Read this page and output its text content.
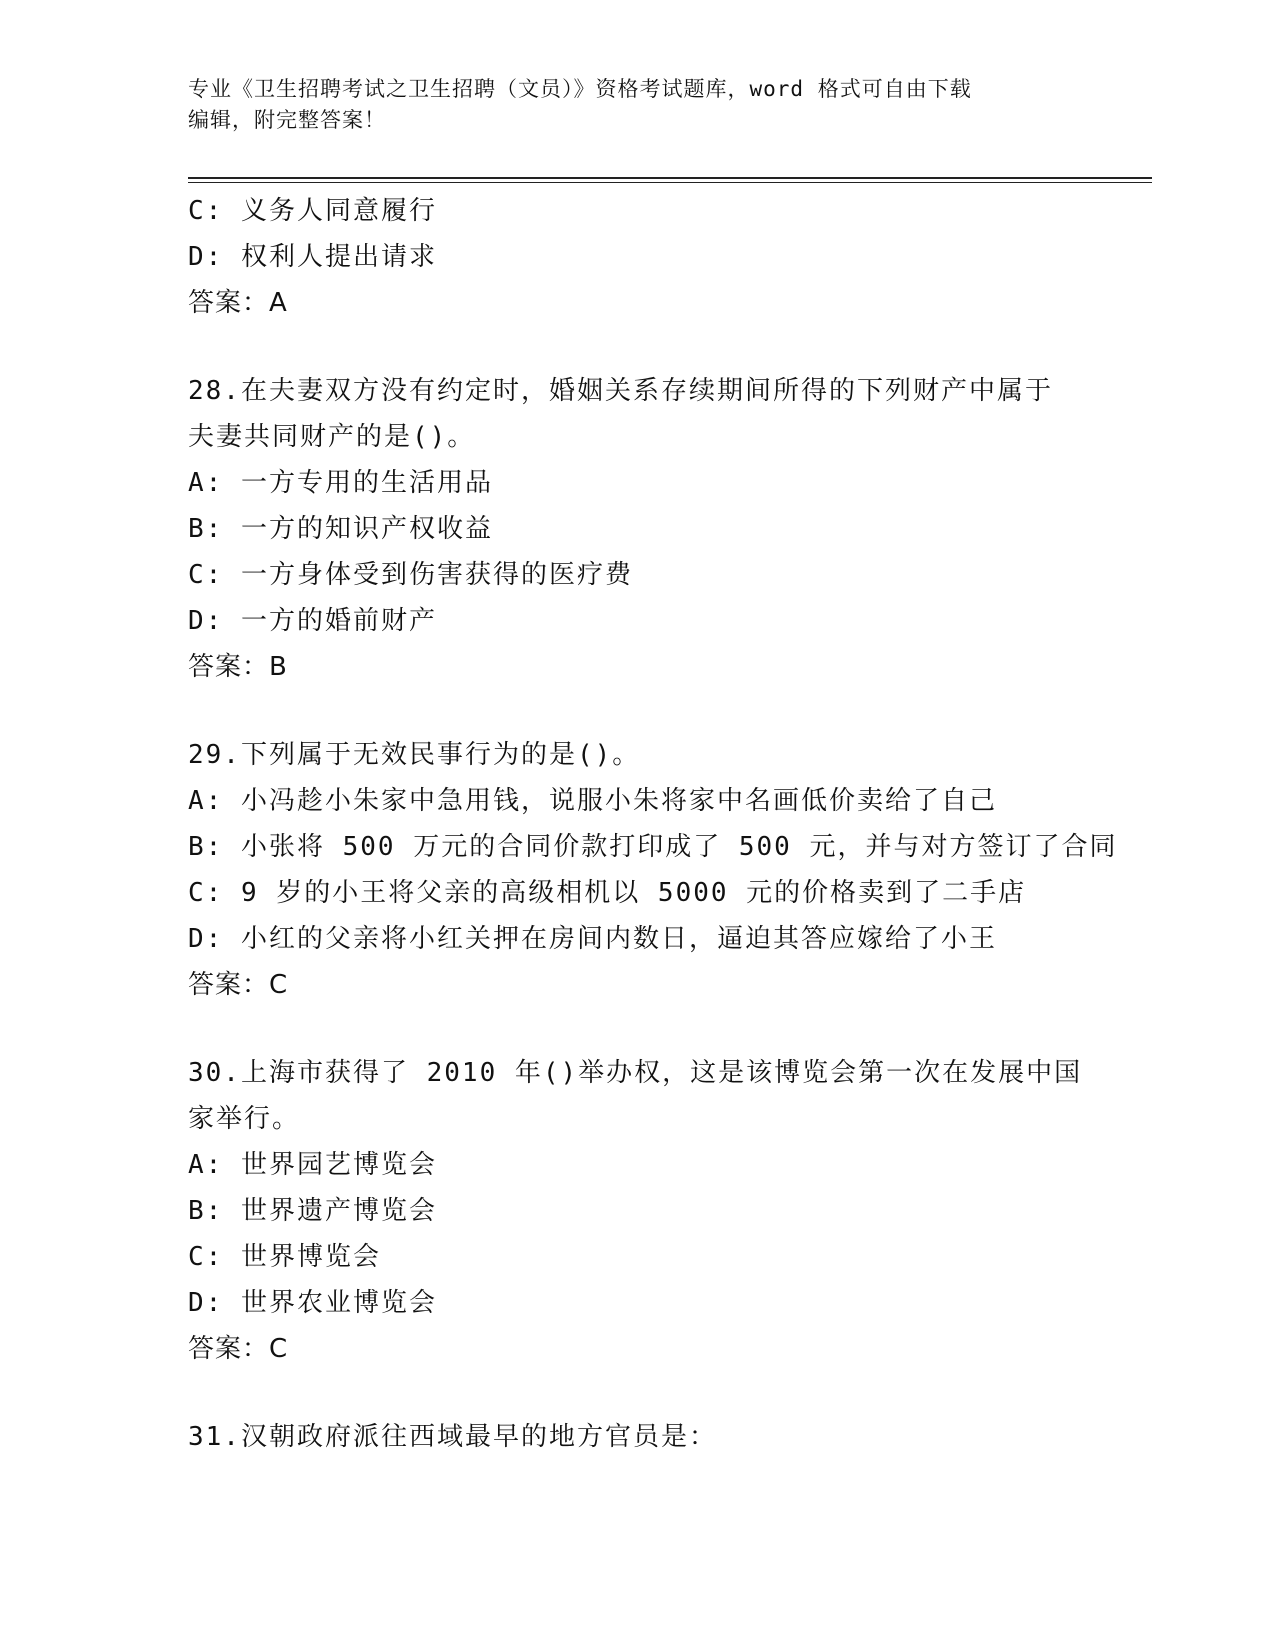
专业《卫生招聘考试之卫生招聘（文员）》资格考试题库，word 格式可自由下载
编辑，附完整答案！
C: 义务人同意履行
D: 权利人提出请求
答案：A
28.在夫妻双方没有约定时，婚姻关系存续期间所得的下列财产中属于
夫妻共同财产的是()。
A: 一方专用的生活用品
B: 一方的知识产权收益
C: 一方身体受到伤害获得的医疗费
D: 一方的婚前财产
答案：B
29.下列属于无效民事行为的是()。
A: 小冯趁小朱家中急用钱，说服小朱将家中名画低价卖给了自己
B: 小张将 500 万元的合同价款打印成了 500 元，并与对方签订了合同
C: 9 岁的小王将父亲的高级相机以 5000 元的价格卖到了二手店
D: 小红的父亲将小红关押在房间内数日，逼迫其答应嫁给了小王
答案：C
30.上海市获得了 2010 年()举办权，这是该博览会第一次在发展中国
家举行。
A: 世界园艺博览会
B: 世界遗产博览会
C: 世界博览会
D: 世界农业博览会
答案：C
31.汉朝政府派往西域最早的地方官员是：
